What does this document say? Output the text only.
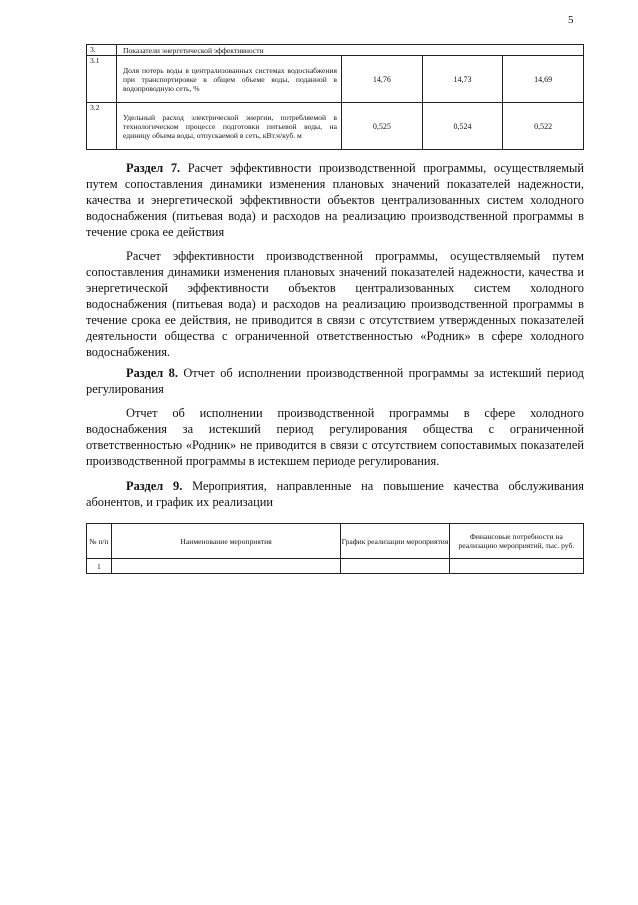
5
3.	Показатели энергетической эффективности			
3.1	Доля потерь воды в централизованных системах водоснабжения при транспортировке в общем объеме воды, поданной в водопроводную сеть, %	14,76	14,73	14,69
3.2	Удельный расход электрической энергии, потребляемой в технологическом процессе подготовки питьевой воды, на единицу объема воды, отпускаемой в сеть, кВт.ч/куб. м	0,525	0,524	0,522

Раздел 7. Расчет эффективности производственной программы, осуществляемый путем сопоставления динамики изменения плановых значений показателей надежности, качества и энергетической эффективности объектов централизованных систем холодного водоснабжения (питьевая вода) и расходов на реализацию производственной программы в течение срока ее действия

Расчет эффективности производственной программы, осуществляемый путем сопоставления динамики изменения плановых значений показателей надежности, качества и энергетической эффективности объектов централизованных систем холодного водоснабжения (питьевая вода) и расходов на реализацию производственной программы в течение срока ее действия, не приводится в связи с отсутствием утвержденных показателей деятельности общества с ограниченной ответственностью «Родник» в сфере холодного водоснабжения.

Раздел 8. Отчет об исполнении производственной программы за истекший период регулирования

Отчет об исполнении производственной программы в сфере холодного водоснабжения за истекший период регулирования общества с ограниченной ответственностью «Родник» не приводится в связи с отсутствием сопоставимых показателей производственной программы в истекшем периоде регулирования.

Раздел 9. Мероприятия, направленные на повышение качества обслуживания абонентов, и график их реализации

№ п/п	Наименование мероприятия	График реализации мероприятия	Финансовые потребности на реализацию мероприятий, тыс. руб.
1			
